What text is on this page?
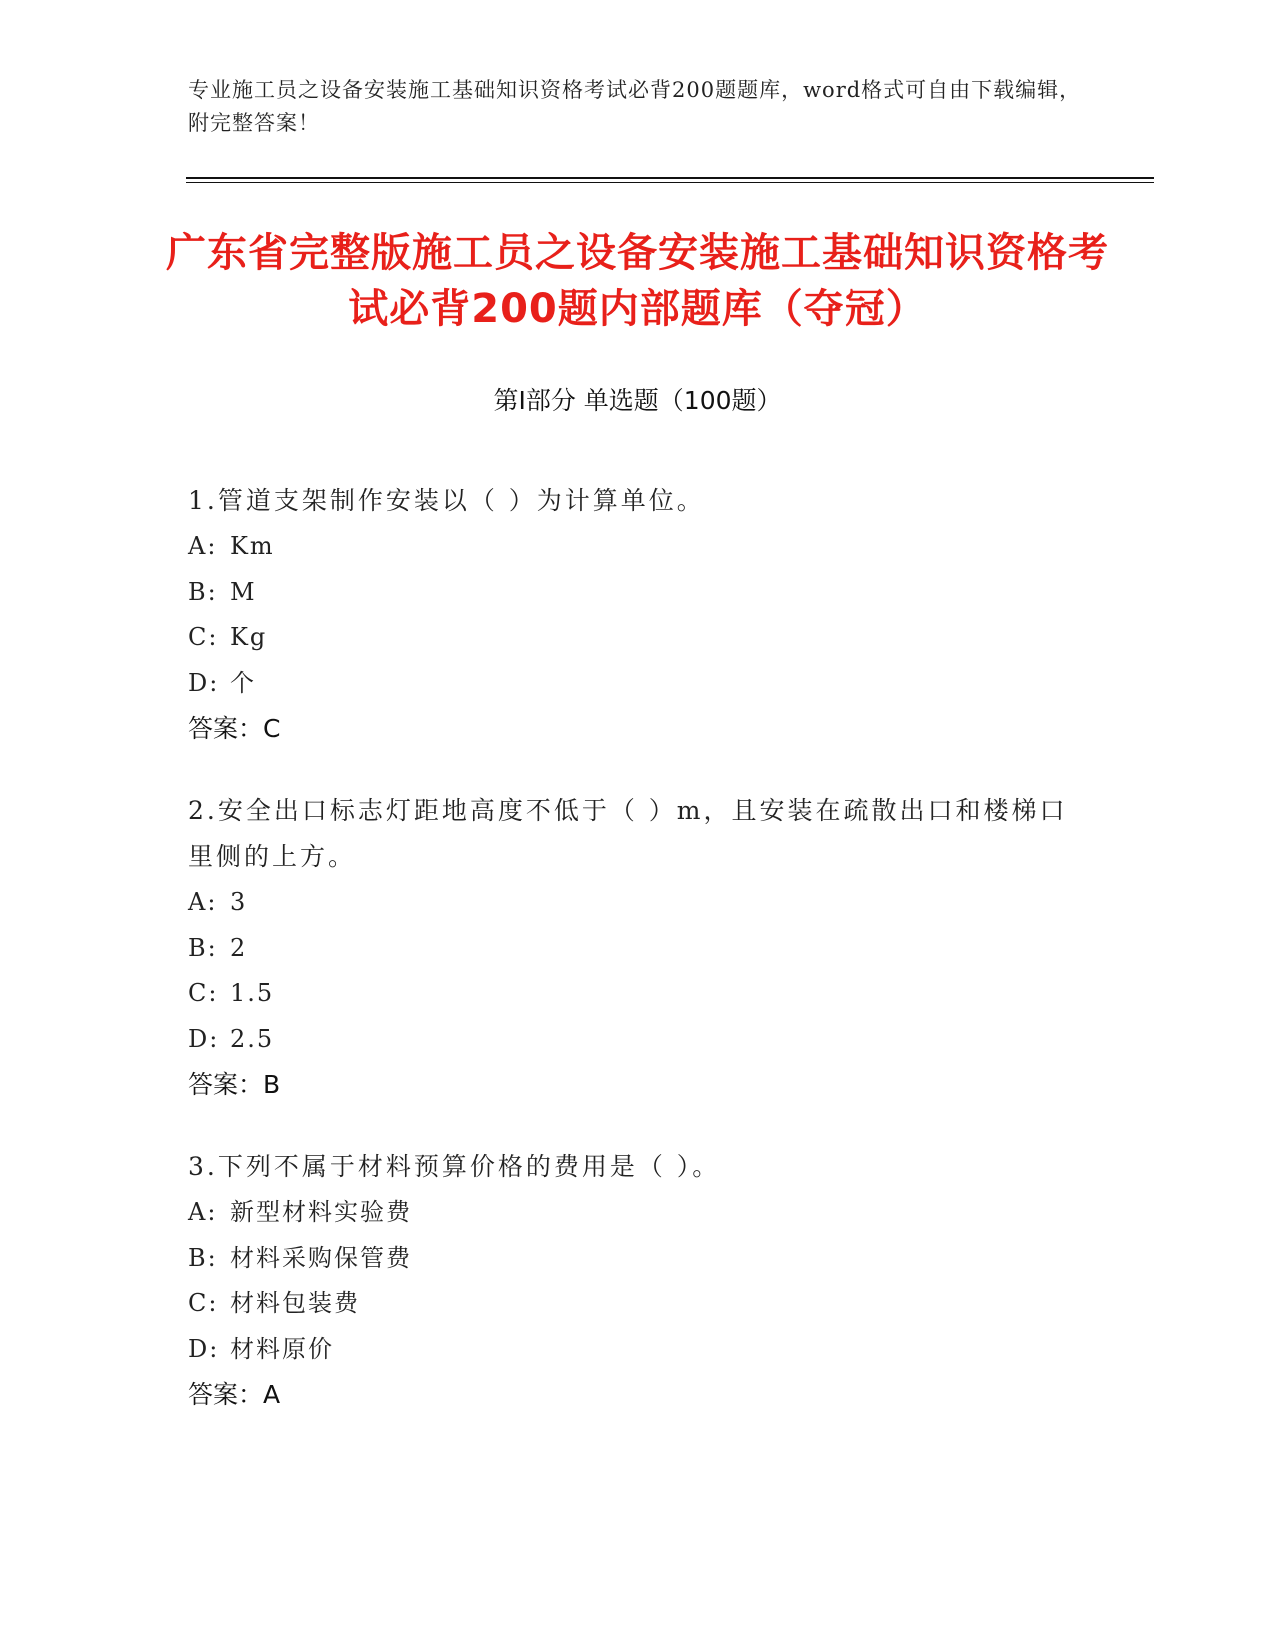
专业施工员之设备安装施工基础知识资格考试必背200题题库，word格式可自由下载编辑，附完整答案！
广东省完整版施工员之设备安装施工基础知识资格考试必背200题内部题库（夺冠）
第I部分 单选题（100题）
1.管道支架制作安装以（ ）为计算单位。
A: Km
B: M
C: Kg
D: 个
答案：C
2.安全出口标志灯距地高度不低于（ ）m，且安装在疏散出口和楼梯口里侧的上方。
A: 3
B: 2
C: 1.5
D: 2.5
答案：B
3.下列不属于材料预算价格的费用是（ ）。
A: 新型材料实验费
B: 材料采购保管费
C: 材料包装费
D: 材料原价
答案：A
